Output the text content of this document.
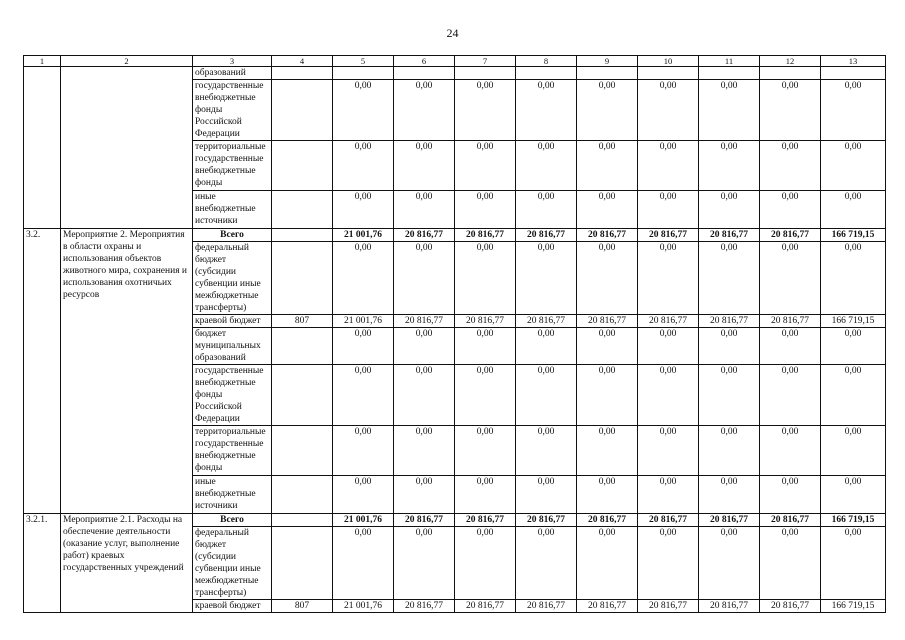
24
1	2	3	4	5	6	7	8	9	10	11	12	13
		образований										
		государственные внебюджетные фонды Российской Федерации		0,00	0,00	0,00	0,00	0,00	0,00	0,00	0,00	0,00
		территориальные государственные внебюджетные фонды		0,00	0,00	0,00	0,00	0,00	0,00	0,00	0,00	0,00
		иные внебюджетные источники		0,00	0,00	0,00	0,00	0,00	0,00	0,00	0,00	0,00
3.2.	Мероприятие 2. Мероприятия в области охраны и использования объектов животного мира, сохранения и использования охотничьих ресурсов	Всего		21 001,76	20 816,77	20 816,77	20 816,77	20 816,77	20 816,77	20 816,77	20 816,77	166 719,15
		федеральный бюджет (субсидии субвенции иные межбюджетные трансферты)		0,00	0,00	0,00	0,00	0,00	0,00	0,00	0,00	0,00
		краевой бюджет	807	21 001,76	20 816,77	20 816,77	20 816,77	20 816,77	20 816,77	20 816,77	20 816,77	166 719,15
		бюджет муниципальных образований		0,00	0,00	0,00	0,00	0,00	0,00	0,00	0,00	0,00
		государственные внебюджетные фонды Российской Федерации		0,00	0,00	0,00	0,00	0,00	0,00	0,00	0,00	0,00
		территориальные государственные внебюджетные фонды		0,00	0,00	0,00	0,00	0,00	0,00	0,00	0,00	0,00
		иные внебюджетные источники		0,00	0,00	0,00	0,00	0,00	0,00	0,00	0,00	0,00
3.2.1.	Мероприятие 2.1. Расходы на обеспечение деятельности (оказание услуг, выполнение работ) краевых государственных учреждений	Всего		21 001,76	20 816,77	20 816,77	20 816,77	20 816,77	20 816,77	20 816,77	20 816,77	166 719,15
		федеральный бюджет (субсидии субвенции иные межбюджетные трансферты)		0,00	0,00	0,00	0,00	0,00	0,00	0,00	0,00	0,00
		краевой бюджет	807	21 001,76	20 816,77	20 816,77	20 816,77	20 816,77	20 816,77	20 816,77	20 816,77	166 719,15
